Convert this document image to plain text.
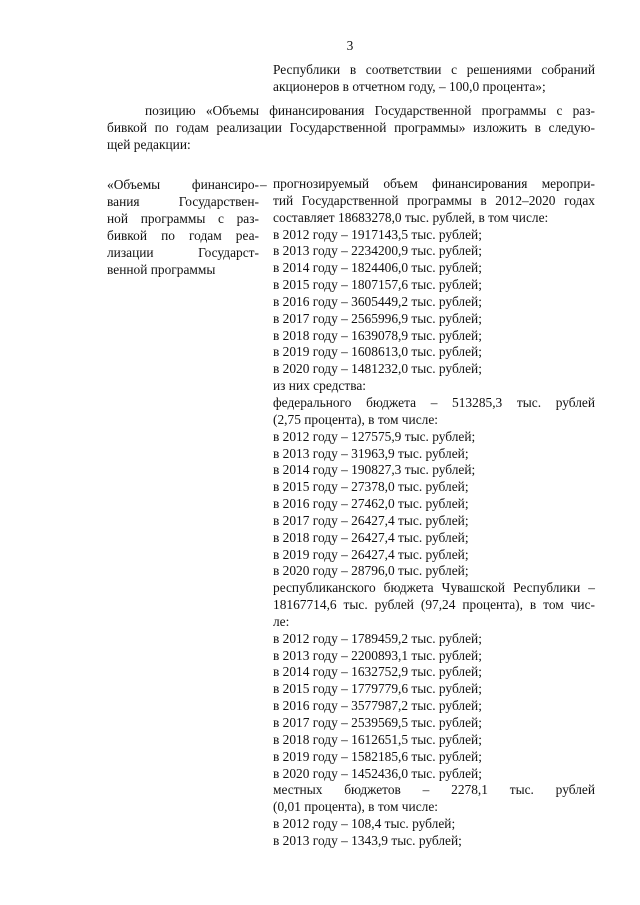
3
Республики в соответствии с решениями собраний
акционеров в отчетном году, – 100,0 процента»;
позицию «Объемы финансирования Государственной программы с раз-
бивкой по годам реализации Государственной программы» изложить в следую-
щей редакции:
«Объемы финансиро-
вания Государствен-
ной программы с раз-
бивкой по годам реа-
лизации Государст-
венной программы
– прогнозируемый объем финансирования меропри-
тий Государственной программы в 2012–2020 годах
составляет 18683278,0 тыс. рублей, в том числе:
в 2012 году – 1917143,5 тыс. рублей;
в 2013 году – 2234200,9 тыс. рублей;
в 2014 году – 1824406,0 тыс. рублей;
в 2015 году – 1807157,6 тыс. рублей;
в 2016 году – 3605449,2 тыс. рублей;
в 2017 году – 2565996,9 тыс. рублей;
в 2018 году – 1639078,9 тыс. рублей;
в 2019 году – 1608613,0 тыс. рублей;
в 2020 году – 1481232,0 тыс. рублей;
из них средства:
федерального бюджета – 513285,3 тыс. рублей
(2,75 процента), в том числе:
в 2012 году – 127575,9 тыс. рублей;
в 2013 году – 31963,9 тыс. рублей;
в 2014 году – 190827,3 тыс. рублей;
в 2015 году – 27378,0 тыс. рублей;
в 2016 году – 27462,0 тыс. рублей;
в 2017 году – 26427,4 тыс. рублей;
в 2018 году – 26427,4 тыс. рублей;
в 2019 году – 26427,4 тыс. рублей;
в 2020 году – 28796,0 тыс. рублей;
республиканского бюджета Чувашской Республики –
18167714,6 тыс. рублей (97,24 процента), в том чис-
ле:
в 2012 году – 1789459,2 тыс. рублей;
в 2013 году – 2200893,1 тыс. рублей;
в 2014 году – 1632752,9 тыс. рублей;
в 2015 году – 1779779,6 тыс. рублей;
в 2016 году – 3577987,2 тыс. рублей;
в 2017 году – 2539569,5 тыс. рублей;
в 2018 году – 1612651,5 тыс. рублей;
в 2019 году – 1582185,6 тыс. рублей;
в 2020 году – 1452436,0 тыс. рублей;
местных бюджетов – 2278,1 тыс. рублей
(0,01 процента), в том числе:
в 2012 году – 108,4 тыс. рублей;
в 2013 году – 1343,9 тыс. рублей;
